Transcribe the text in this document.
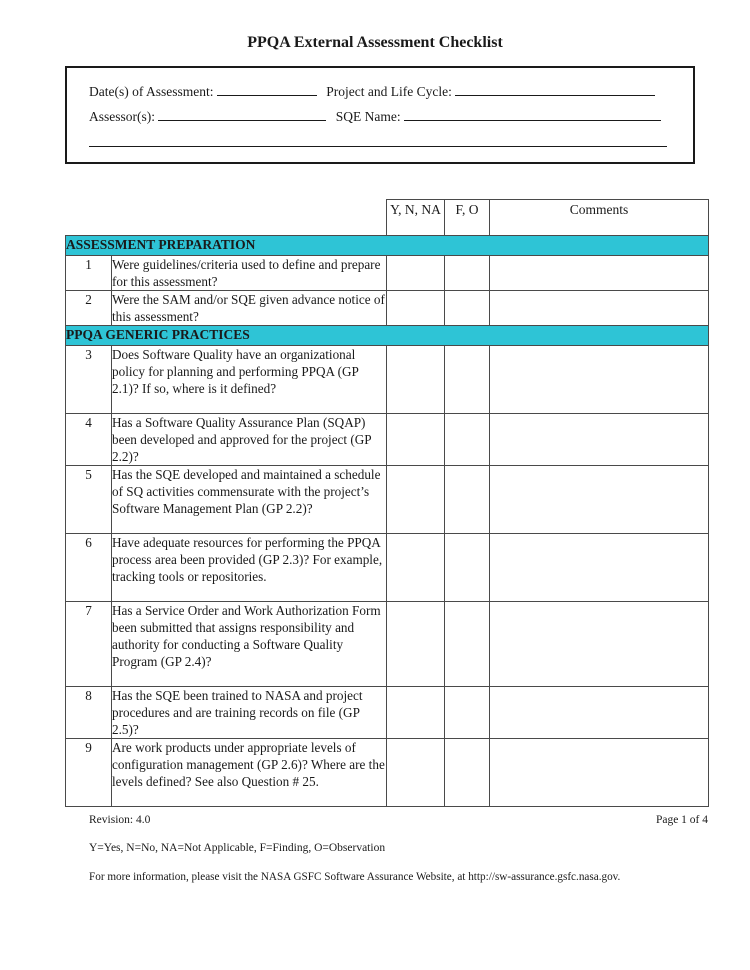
PPQA External Assessment Checklist
Date(s) of Assessment:	Project and Life Cycle:
Assessor(s):	SQE Name:
		Y, N, NA	F, O	Comments
ASSESSMENT PREPARATION				
1	Were guidelines/criteria used to define and prepare for this assessment?			
2	Were the SAM and/or SQE given advance notice of this assessment?			
PPQA GENERIC PRACTICES				
3	Does Software Quality have an organizational policy for planning and performing PPQA (GP 2.1)? If so, where is it defined?			
4	Has a Software Quality Assurance Plan (SQAP) been developed and approved for the project (GP 2.2)?			
5	Has the SQE developed and maintained a schedule of SQ activities commensurate with the project’s Software Management Plan (GP 2.2)?			
6	Have adequate resources for performing the PPQA process area been provided (GP 2.3)? For example, tracking tools or repositories.			
7	Has a Service Order and Work Authorization Form been submitted that assigns responsibility and authority for conducting a Software Quality Program (GP 2.4)?			
8	Has the SQE been trained to NASA and project procedures and are training records on file (GP 2.5)?			
9	Are work products under appropriate levels of configuration management (GP 2.6)? Where are the levels defined? See also Question # 25.			
Revision: 4.0	Page 1 of 4
Y=Yes, N=No, NA=Not Applicable, F=Finding, O=Observation
For more information, please visit the NASA GSFC Software Assurance Website, at http://sw-assurance.gsfc.nasa.gov.
